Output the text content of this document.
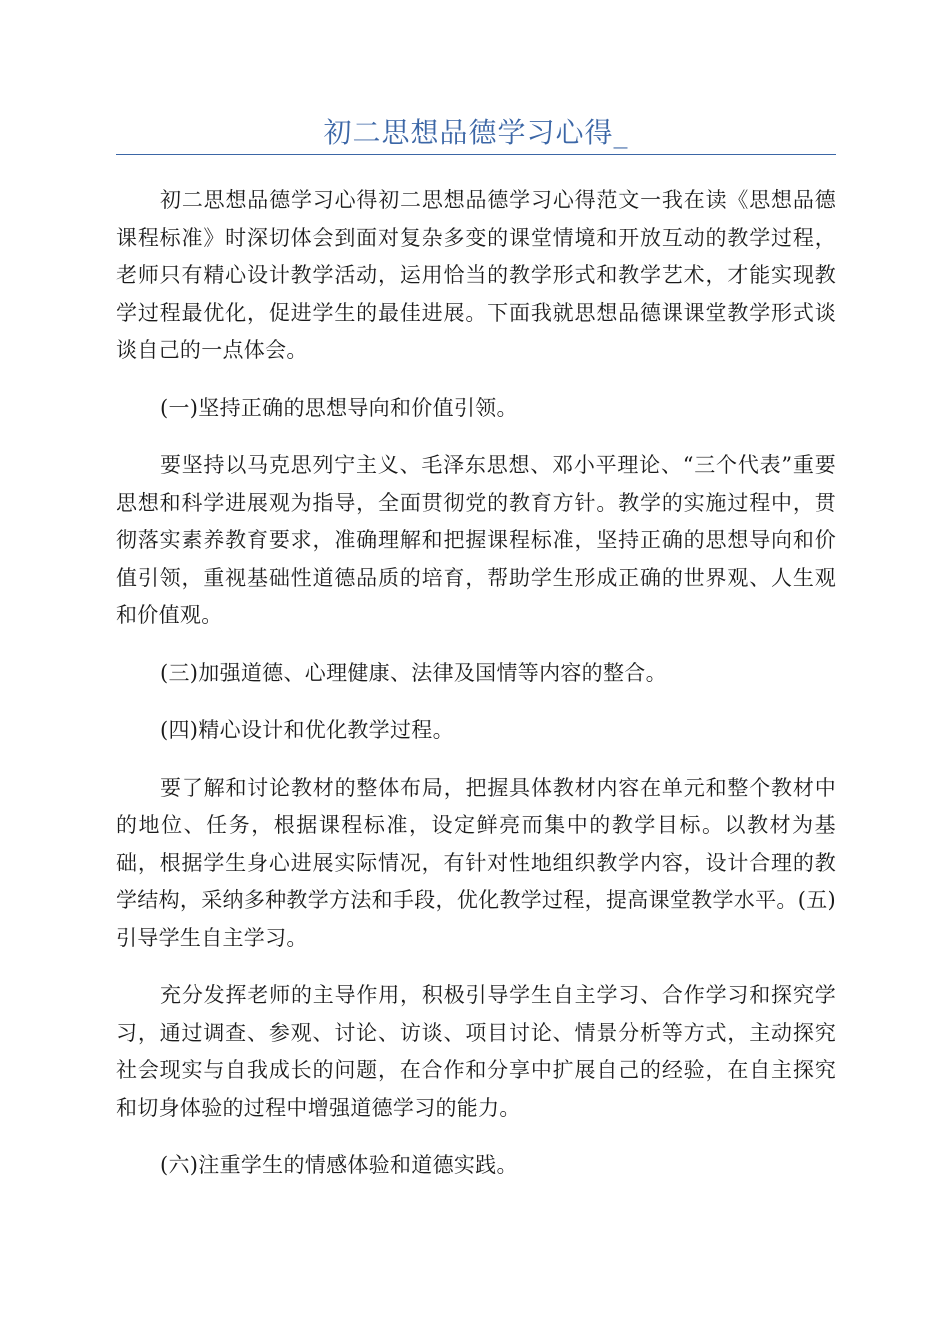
初二思想品德学习心得_

初二思想品德学习心得初二思想品德学习心得范文一我在读《思想品德课程标准》时深切体会到面对复杂多变的课堂情境和开放互动的教学过程，老师只有精心设计教学活动，运用恰当的教学形式和教学艺术，才能实现教学过程最优化，促进学生的最佳进展。下面我就思想品德课课堂教学形式谈谈自己的一点体会。

(一)坚持正确的思想导向和价值引领。

要坚持以马克思列宁主义、毛泽东思想、邓小平理论、“三个代表”重要思想和科学进展观为指导，全面贯彻党的教育方针。教学的实施过程中，贯彻落实素养教育要求，准确理解和把握课程标准，坚持正确的思想导向和价值引领，重视基础性道德品质的培育，帮助学生形成正确的世界观、人生观和价值观。

(三)加强道德、心理健康、法律及国情等内容的整合。

(四)精心设计和优化教学过程。

要了解和讨论教材的整体布局，把握具体教材内容在单元和整个教材中的地位、任务，根据课程标准，设定鲜亮而集中的教学目标。以教材为基础，根据学生身心进展实际情况，有针对性地组织教学内容，设计合理的教学结构，采纳多种教学方法和手段，优化教学过程，提高课堂教学水平。(五)引导学生自主学习。

充分发挥老师的主导作用，积极引导学生自主学习、合作学习和探究学习，通过调查、参观、讨论、访谈、项目讨论、情景分析等方式，主动探究社会现实与自我成长的问题，在合作和分享中扩展自己的经验，在自主探究和切身体验的过程中增强道德学习的能力。

(六)注重学生的情感体验和道德实践。
